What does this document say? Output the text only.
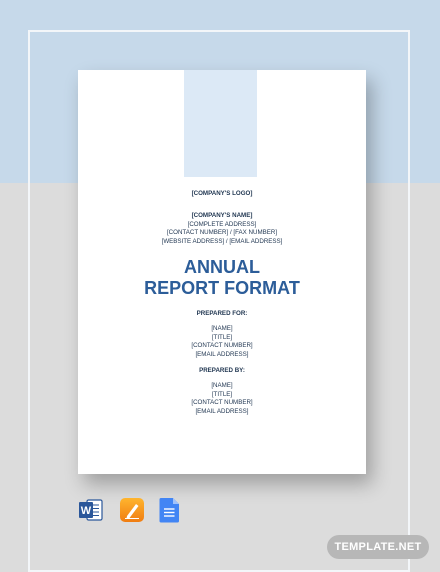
[COMPANY'S LOGO]
[COMPANY'S NAME]
[COMPLETE ADDRESS]
[CONTACT NUMBER] / [FAX NUMBER]
[WEBSITE ADDRESS] / [EMAIL ADDRESS]
ANNUAL
REPORT FORMAT
PREPARED FOR:
[NAME]
[TITLE]
[CONTACT NUMBER]
[EMAIL ADDRESS]
PREPARED BY:
[NAME]
[TITLE]
[CONTACT NUMBER]
[EMAIL ADDRESS]
W
TEMPLATE.NET
